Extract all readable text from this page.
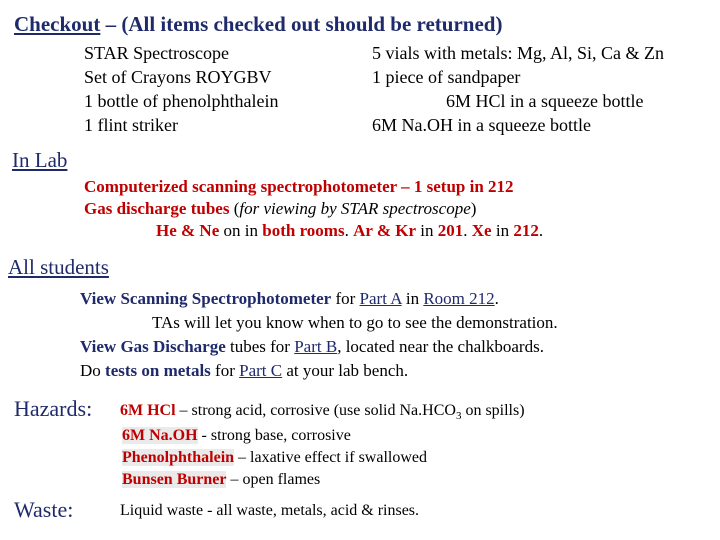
Checkout – (All items checked out should be returned)
STAR Spectroscope
Set of Crayons ROYGBV
1 bottle of phenolphthalein
1 flint striker
5 vials with metals: Mg, Al, Si, Ca & Zn
1 piece of sandpaper
6M HCl in a squeeze bottle
6M Na.OH in a squeeze bottle
In Lab
Computerized scanning spectrophotometer – 1 setup in 212
Gas discharge tubes (for viewing by STAR spectroscope)
He & Ne on in both rooms. Ar & Kr in 201. Xe in 212.
All students
View Scanning Spectrophotometer for Part A in Room 212.
TAs will let you know when to go to see the demonstration.
View Gas Discharge tubes for Part B, located near the chalkboards.
Do tests on metals for Part C at your lab bench.
Hazards: 6M HCl – strong acid, corrosive (use solid $Na.HCO_3$ on spills)
6M Na.OH - strong base, corrosive
Phenolphthalein – laxative effect if swallowed
Bunsen Burner – open flames
Waste:	Liquid waste - all waste, metals, acid & rinses.
